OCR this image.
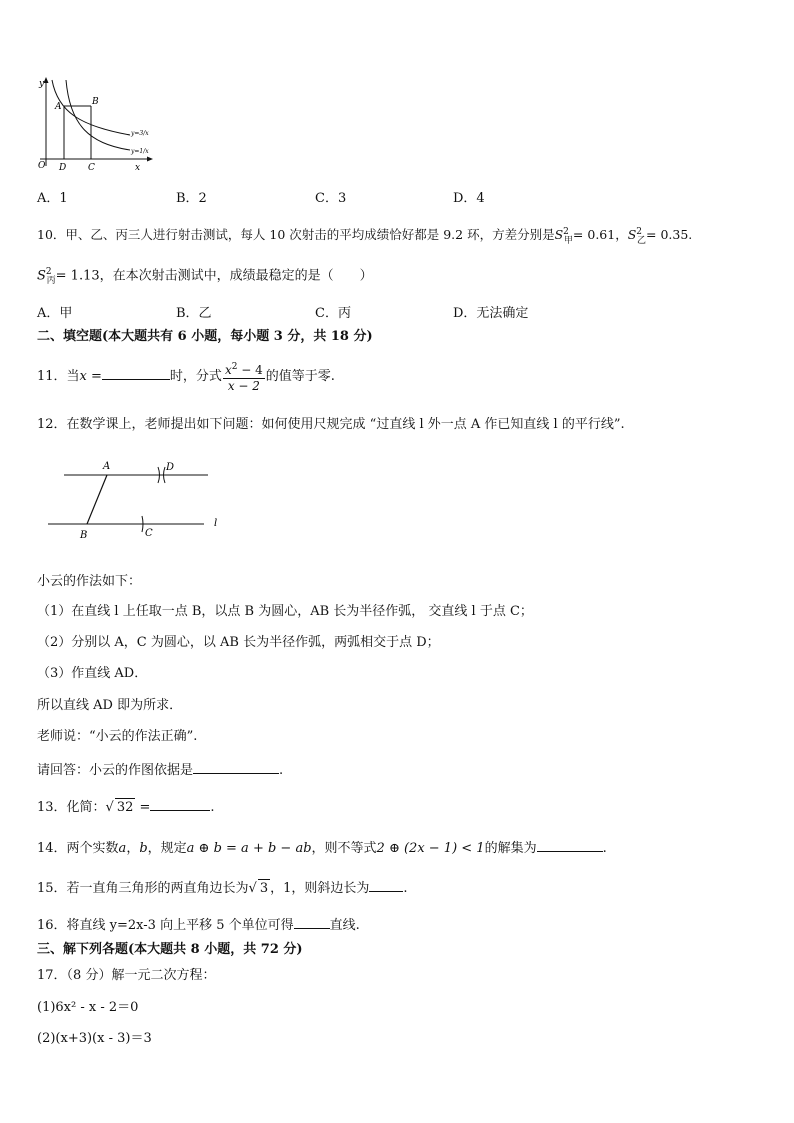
y
x
O
A	B
D C
y=3/x
y=1/x
A．1	B．2	C．3	D．4
10．甲、乙、丙三人进行射击测试，每人 10 次射击的平均成绩恰好都是 9.2 环，方差分别是$S^2_甲= 0.61$，$S^2_乙= 0.35$.
$S^2_丙= 1.13$，在本次射击测试中，成绩最稳定的是（　　）
A．甲	B．乙	C．丙	D．无法确定
二、填空题(本大题共有 6 小题，每小题 3 分，共 18 分)
11．当x =	时，分式 $\frac{x^2 - 4}{x - 2}$ 的值等于零.
12．在数学课上，老师提出如下问题：如何使用尺规完成 “过直线 l 外一点 A 作已知直线 l 的平行线”.
A	D
B	C
l
小云的作法如下：
（1）在直线 l 上任取一点 B，以点 B 为圆心，AB 长为半径作弧， 交直线 l 于点 C；
（2）分别以 A，C 为圆心，以 AB 长为半径作弧，两弧相交于点 D；
（3）作直线 AD．
所以直线 AD 即为所求．
老师说：“小云的作法正确”.
请回答：小云的作图依据是	.
13．化简：√ 32 =	.
14．两个实数a，b，规定a ⊕ b = a + b − ab，则不等式2 ⊕ (2x − 1) < 1的解集为	.
15．若一直角三角形的两直角边长为√ 3 ，1，则斜边长为	.
16．将直线 y=2x-3 向上平移 5 个单位可得	直线.
三、解下列各题(本大题共 8 小题，共 72 分)
17．（8 分）解一元二次方程：
(1)6x² - x - 2＝0
(2)(x+3)(x - 3)＝3
